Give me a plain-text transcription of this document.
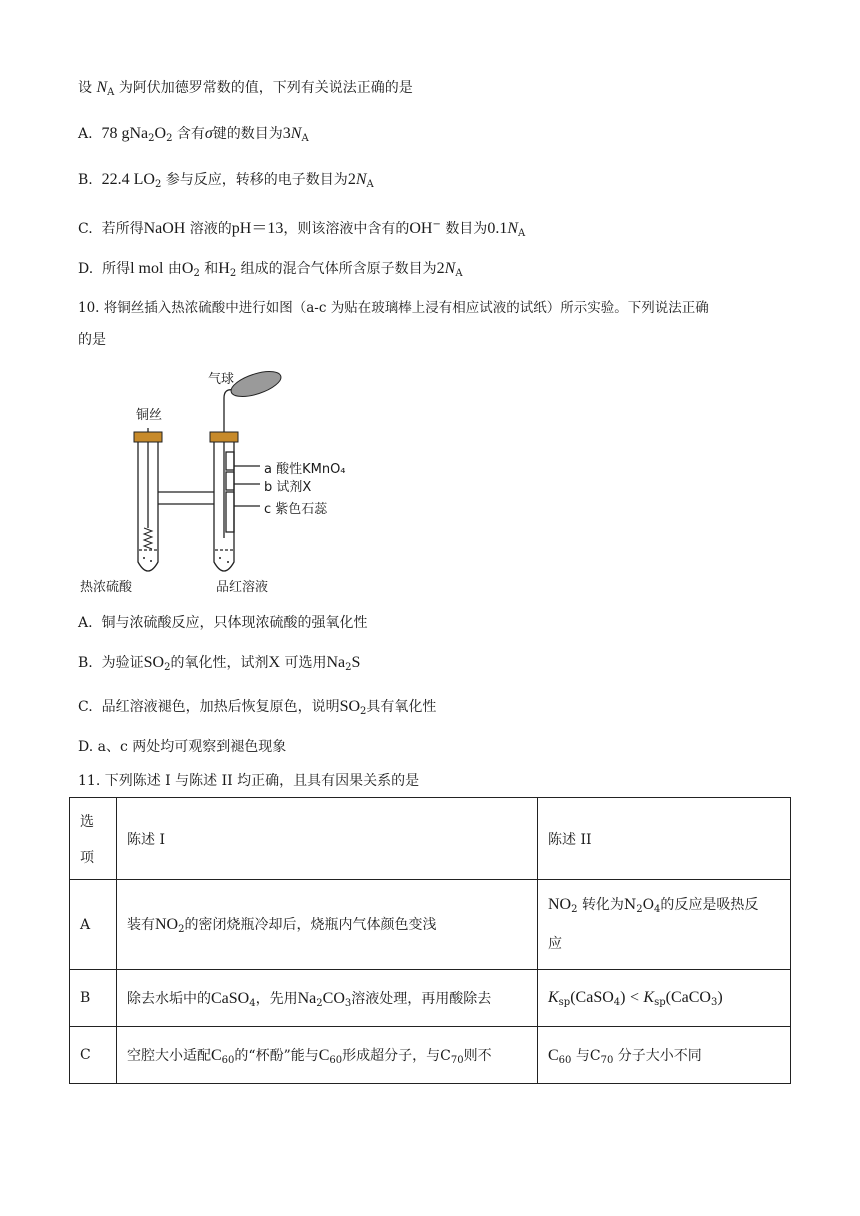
设 $N_A$ 为阿伏加德罗常数的值，下列有关说法正确的是
A. 78 $gNa_2O_2$ 含有σ键的数目为$3N_A$
B. 22.4 $LO_2$ 参与反应，转移的电子数目为$2N_A$
C. 若所得NaOH 溶液的pH＝13，则该溶液中含有的OH− 数目为$0.1N_A$
D. 所得l mol 由$O_2$ 和$H_2$ 组成的混合气体所含原子数目为$2N_A$
10. 将铜丝插入热浓硫酸中进行如图（a-c 为贴在玻璃棒上浸有相应试液的试纸）所示实验。下列说法正确
的是
气球
铜丝
a 酸性KMnO₄
b 试剂X
c 紫色石蕊
热浓硫酸	品红溶液
A. 铜与浓硫酸反应，只体现浓硫酸的强氧化性
B. 为验证$SO_2$的氧化性，试剂X 可选用$Na_2S$
C. 品红溶液褪色，加热后恢复原色，说明$SO_2$具有氧化性
D. a、c 两处均可观察到褪色现象
11. 下列陈述 I 与陈述 II 均正确，且具有因果关系的是
选

项	陈述 I	陈述 II
A	装有$NO_2$的密闭烧瓶冷却后，烧瓶内气体颜色变浅	$NO_2$ 转化为$N_2O_4$的反应是吸热反
应
B	除去水垢中的CaSO$_4$，先用$Na_2CO_3$溶液处理，再用酸除去	$K_{sp}(CaSO_4)$ < $K_{sp}(CaCO_3)$
C	空腔大小适配$C_{60}$的“杯酚”能与$C_{60}$形成超分子，与$C_{70}$则不	$C_{60}$ 与$C_{70}$ 分子大小不同
